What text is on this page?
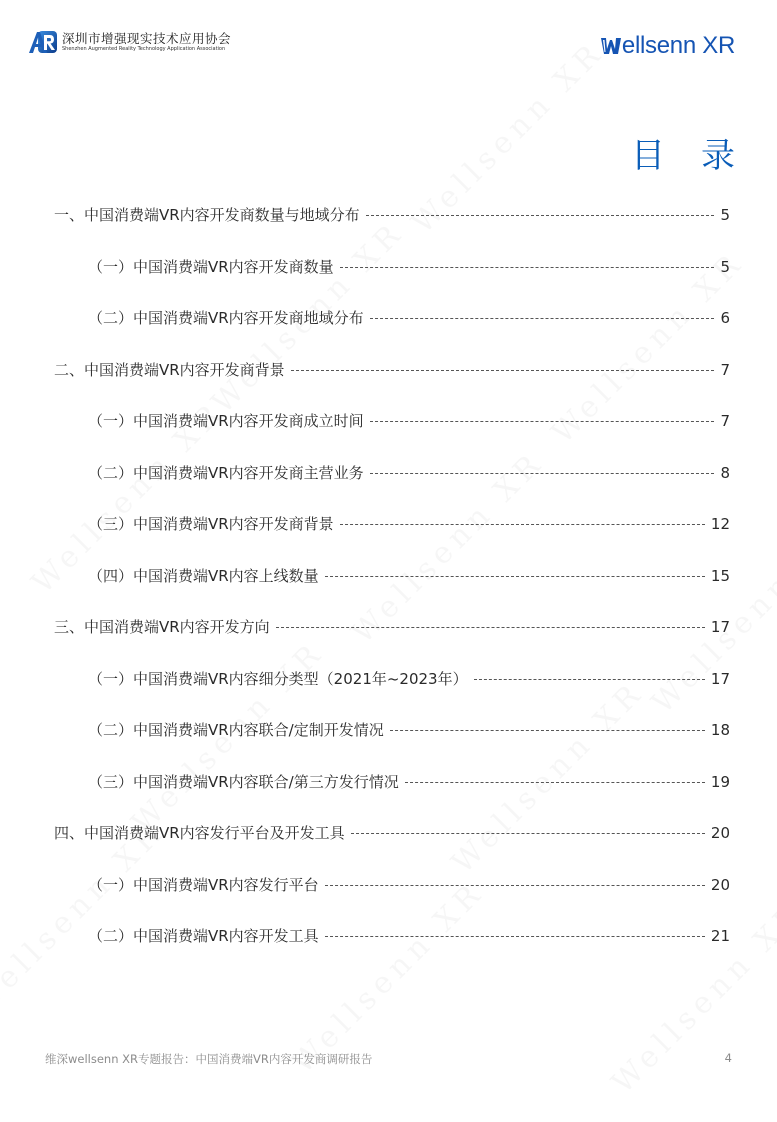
深圳市增强现实技术应用协会
Shenzhen Augmented Reality Technology Application Association	ellsenn XR
目录
一、中国消费端VR内容开发商数量与地域分布	5
（一）中国消费端VR内容开发商数量	5
（二）中国消费端VR内容开发商地域分布	6
二、中国消费端VR内容开发商背景	7
（一）中国消费端VR内容开发商成立时间	7
（二）中国消费端VR内容开发商主营业务	8
（三）中国消费端VR内容开发商背景	12
（四）中国消费端VR内容上线数量	15
三、中国消费端VR内容开发方向	17
（一）中国消费端VR内容细分类型（2021年~2023年）	17
（二）中国消费端VR内容联合/定制开发情况	18
（三）中国消费端VR内容联合/第三方发行情况	19
四、中国消费端VR内容发行平台及开发工具	20
（一）中国消费端VR内容发行平台	20
（二）中国消费端VR内容开发工具	21
维深wellsenn XR专题报告：中国消费端VR内容开发商调研报告	4
